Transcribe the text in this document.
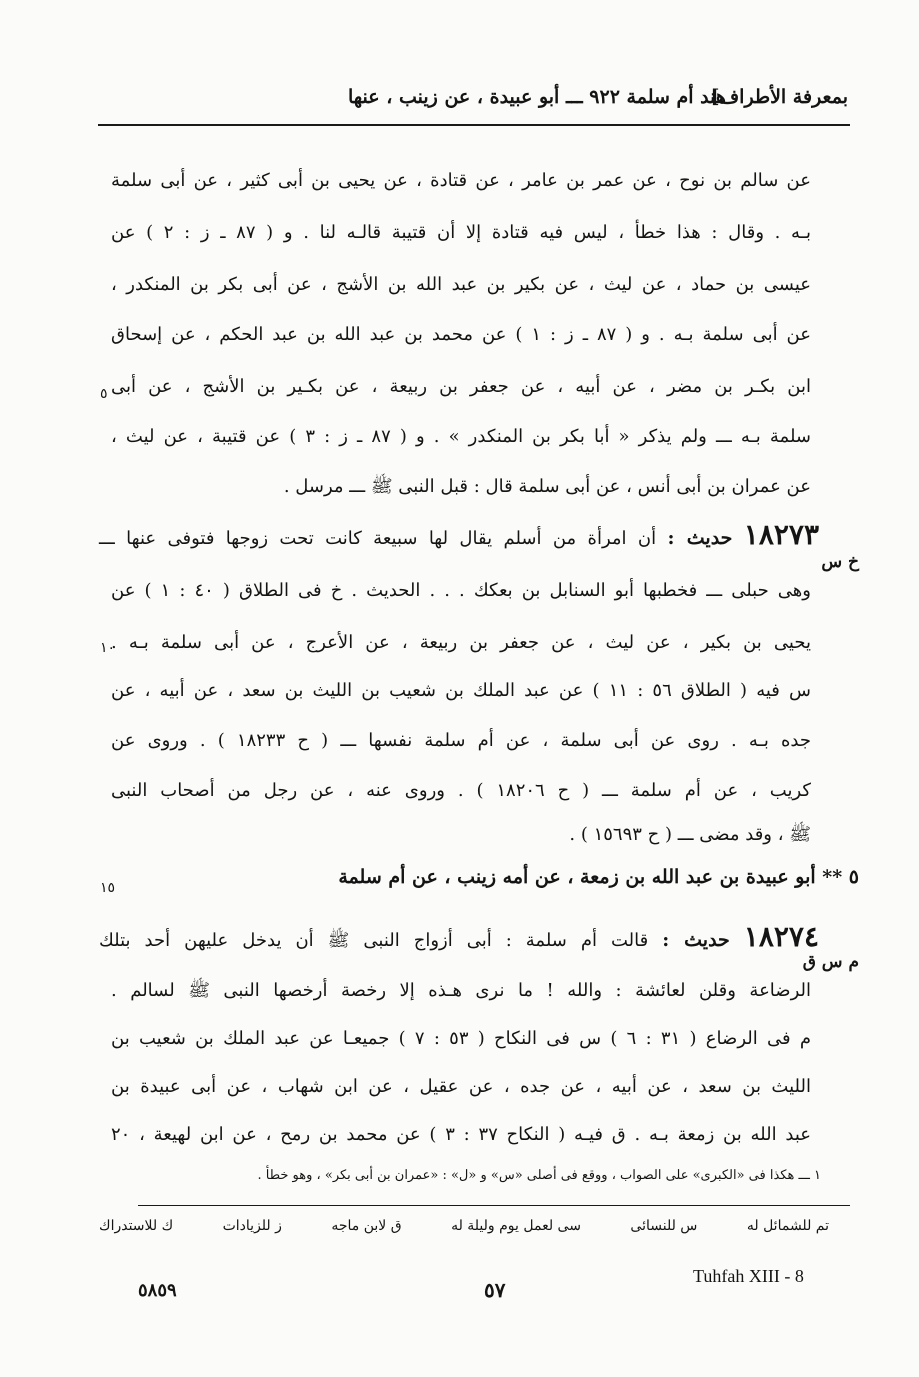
بمعرفة الأطراف]
هند أم سلمة ٩٢٢ ـــ أبو عبيدة ، عن زينب ، عنها
عن سالم بن نوح ، عن عمر بن عامر ، عن قتادة ، عن يحيى بن أبى كثير ، عن أبى سلمة
بـه . وقال : هذا خطأ ، ليس فيه قتادة إلا أن قتيبة قالـه لنا . و ( ٨٧ ـ ز : ٢ ) عن
عيسى بن حماد ، عن ليث ، عن بكير بن عبد الله بن الأشج ، عن أبى بكر بن المنكدر ،
عن أبى سلمة بـه . و ( ٨٧ ـ ز : ١ ) عن محمد بن عبد الله بن عبد الحكم ، عن إسحاق
ابن بكـر بن مضر ، عن أبيه ، عن جعفر بن ربيعة ، عن بكـير بن الأشج ، عن أبى
سلمة بـه ـــ ولم يذكر « أبا بكر بن المنكدر » . و ( ٨٧ ـ ز : ٣ ) عن قتيبة ، عن ليث ،
عن عمران بن أبى أنس ، عن أبى سلمة قال : قبل النبى ﷺ ـــ مرسل .
١٨٢٧٣ حديث : أن امرأة من أسلم يقال لها سبيعة كانت تحت زوجها فتوفى عنها ـــ
خ س
وهى حبلى ـــ فخطبها أبو السنابل بن بعكك . . . الحديث . خ فى الطلاق ( ٤٠ : ١ ) عن
يحيى بن بكير ، عن ليث ، عن جعفر بن ربيعة ، عن الأعرج ، عن أبى سلمة بـه .
س فيه ( الطلاق ٥٦ : ١١ ) عن عبد الملك بن شعيب بن الليث بن سعد ، عن أبيه ، عن
جده بـه . روى عن أبى سلمة ، عن أم سلمة نفسها ـــ ( ح ١٨٢٣٣ ) . وروى عن
كريب ، عن أم سلمة ـــ ( ح ١٨٢٠٦ ) . وروى عنه ، عن رجل من أصحاب النبى
ﷺ ، وقد مضى ـــ ( ح ١٥٦٩٣ ) .
٥ ** أبو عبيدة بن عبد الله بن زمعة ، عن أمه زينب ، عن أم سلمة
١٨٢٧٤ حديث : قالت أم سلمة : أبى أزواج النبى ﷺ أن يدخل عليهن أحد بتلك
م س ق
الرضاعة وقلن لعائشة : والله ! ما نرى هـذه إلا رخصة أرخصها النبى ﷺ لسالم .
م فى الرضاع ( ٣١ : ٦ ) س فى النكاح ( ٥٣ : ٧ ) جميعـا عن عبد الملك بن شعيب بن
الليث بن سعد ، عن أبيه ، عن جده ، عن عقيل ، عن ابن شهاب ، عن أبى عبيدة بن
عبد الله بن زمعة بـه . ق فيـه ( النكاح ٣٧ : ٣ ) عن محمد بن رمح ، عن ابن لهيعة ، ٢٠
٥
١٠
١٥
١ ـــ هكذا فى «الكبرى» على الصواب ، ووقع فى أصلى «س» و «ل» : «عمران بن أبى بكر» ، وهو خطأ .
تم للشمائل له
س للنسائى
سى لعمل يوم وليلة له
ق لابن ماجه
ز للزيادات
ك للاستدراك
٥٨٥٩	٥٧
Tuhfah XIII - 8
